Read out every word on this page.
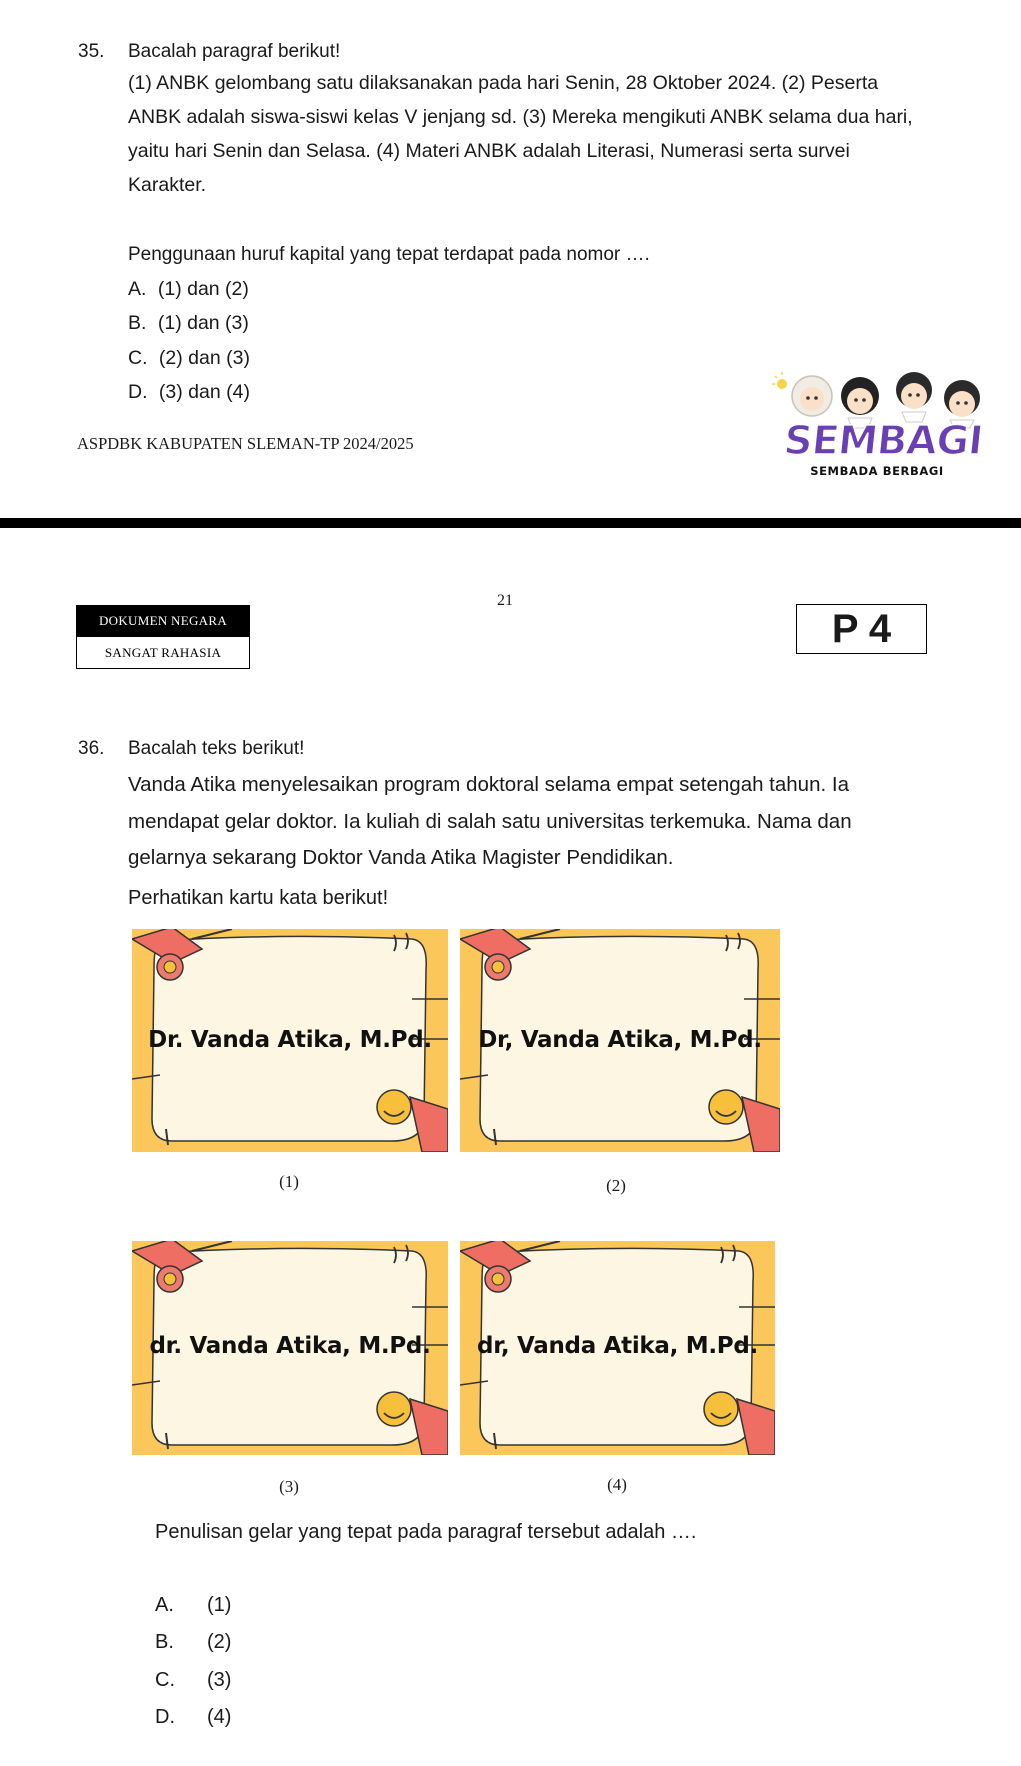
35. Bacalah paragraf berikut!
(1) ANBK gelombang satu dilaksanakan pada hari Senin, 28 Oktober 2024. (2) Peserta
ANBK adalah siswa-siswi kelas V jenjang sd. (3) Mereka mengikuti ANBK selama dua hari,
yaitu hari Senin dan Selasa. (4) Materi ANBK adalah Literasi, Numerasi serta survei
Karakter.
Penggunaan huruf kapital yang tepat terdapat pada nomor ….
A. (1) dan (2)
B. (1) dan (3)
C. (2) dan (3)
D. (3) dan (4)
ASPDBK KABUPATEN SLEMAN-TP 2024/2025	SEMBAGI
SEMBADA BERBAGI
21
DOKUMEN NEGARA
SANGAT RAHASIA
P 4
36. Bacalah teks berikut!
Vanda Atika menyelesaikan program doktoral selama empat setengah tahun. Ia
mendapat gelar doktor. Ia kuliah di salah satu universitas terkemuka. Nama dan
gelarnya sekarang Doktor Vanda Atika Magister Pendidikan.
Perhatikan kartu kata berikut!
Dr. Vanda Atika, M.Pd.	Dr, Vanda Atika, M.Pd.
(1)	(2)
dr. Vanda Atika, M.Pd.	dr, Vanda Atika, M.Pd.
(3)	(4)
Penulisan gelar yang tepat pada paragraf tersebut adalah ….
A. (1)
B. (2)
C. (3)
D. (4)
